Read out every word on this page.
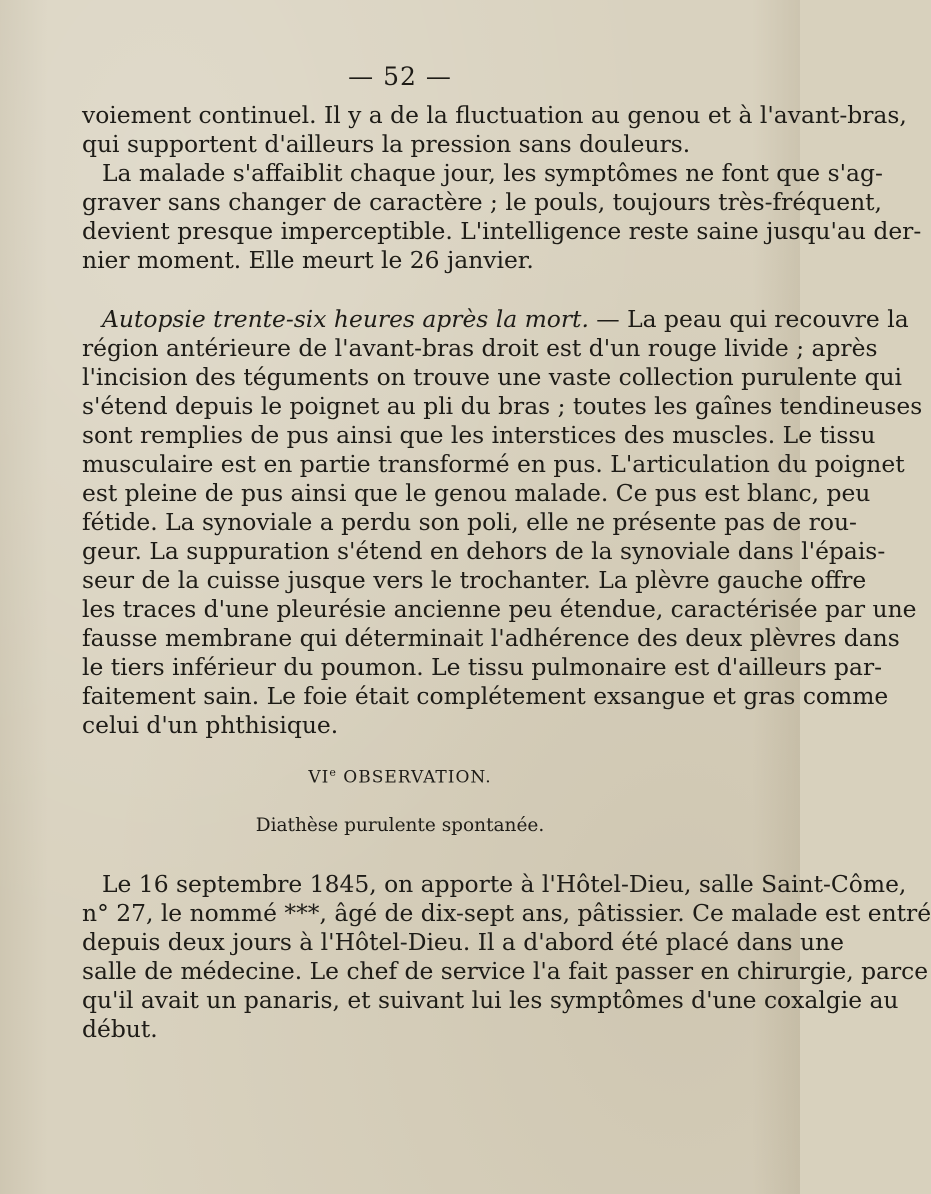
— 52 —
voiement continuel. Il y a de la fluctuation au genou et à l'avant-bras,
qui supportent d'ailleurs la pression sans douleurs.
La malade s'affaiblit chaque jour, les symptômes ne font que s'ag-
graver sans changer de caractère ; le pouls, toujours très-fréquent,
devient presque imperceptible. L'intelligence reste saine jusqu'au der-
nier moment. Elle meurt le 26 janvier.
Autopsie trente-six heures après la mort. — La peau qui recouvre la
région antérieure de l'avant-bras droit est d'un rouge livide ; après
l'incision des téguments on trouve une vaste collection purulente qui
s'étend depuis le poignet au pli du bras ; toutes les gaînes tendineuses
sont remplies de pus ainsi que les interstices des muscles. Le tissu
musculaire est en partie transformé en pus. L'articulation du poignet
est pleine de pus ainsi que le genou malade. Ce pus est blanc, peu
fétide. La synoviale a perdu son poli, elle ne présente pas de rou-
geur. La suppuration s'étend en dehors de la synoviale dans l'épais-
seur de la cuisse jusque vers le trochanter. La plèvre gauche offre
les traces d'une pleurésie ancienne peu étendue, caractérisée par une
fausse membrane qui déterminait l'adhérence des deux plèvres dans
le tiers inférieur du poumon. Le tissu pulmonaire est d'ailleurs par-
faitement sain. Le foie était complétement exsangue et gras comme
celui d'un phthisique.
VIe OBSERVATION.
Diathèse purulente spontanée.
Le 16 septembre 1845, on apporte à l'Hôtel-Dieu, salle Saint-Côme,
n° 27, le nommé ***, âgé de dix-sept ans, pâtissier. Ce malade est entré
depuis deux jours à l'Hôtel-Dieu. Il a d'abord été placé dans une
salle de médecine. Le chef de service l'a fait passer en chirurgie, parce
qu'il avait un panaris, et suivant lui les symptômes d'une coxalgie au
début.
